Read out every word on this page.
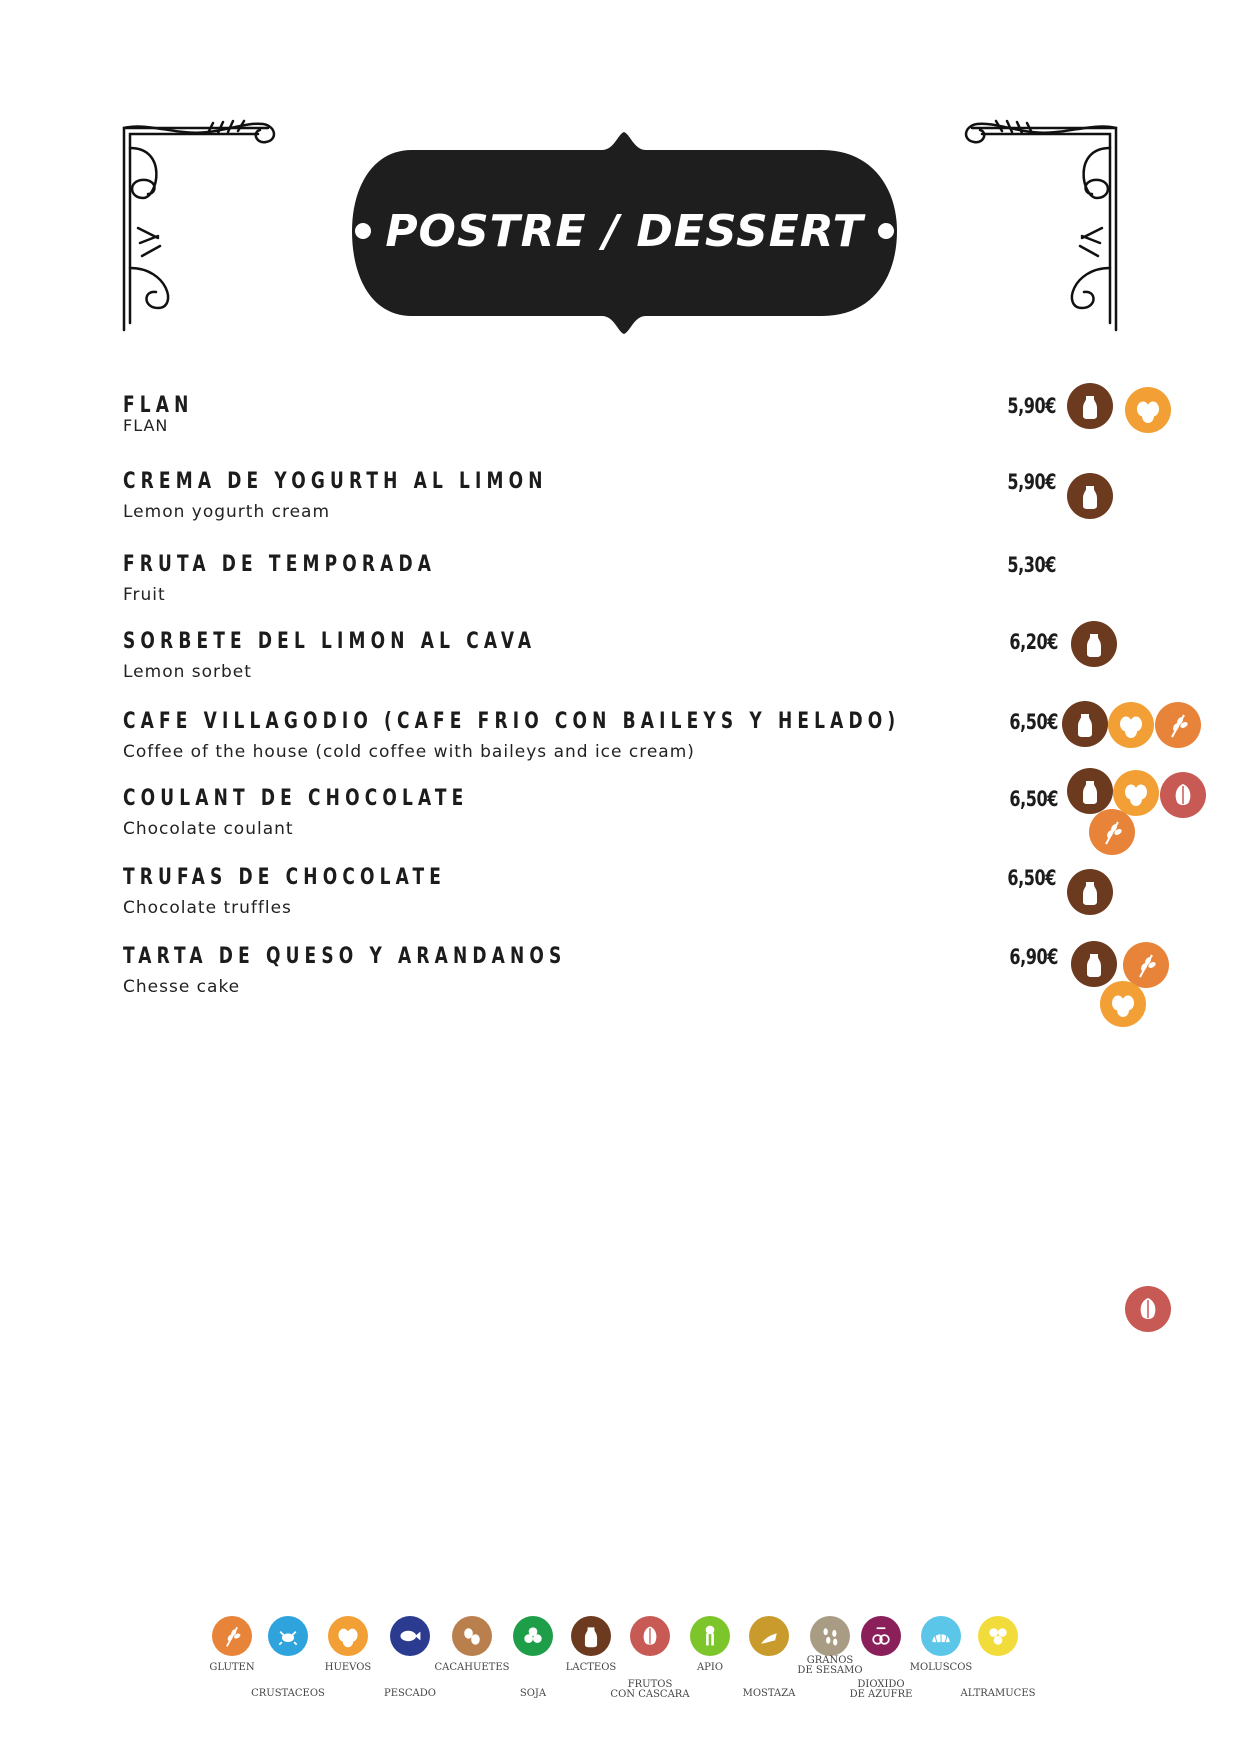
POSTRE / DESSERT
FLAN
FLAN
5,90€
CREMA DE YOGURTH AL LIMON
Lemon yogurth cream
5,90€
FRUTA DE TEMPORADA
Fruit
5,30€
SORBETE DEL LIMON AL CAVA
Lemon sorbet
6,20€
CAFE VILLAGODIO (CAFE FRIO CON BAILEYS Y HELADO)
Coffee of the house (cold coffee with baileys and ice cream)
6,50€
COULANT DE CHOCOLATE
Chocolate coulant
6,50€
TRUFAS DE CHOCOLATE
Chocolate truffles
6,50€
TARTA DE QUESO Y ARANDANOS
Chesse cake
6,90€
GLUTEN
CRUSTACEOS
HUEVOS
PESCADO
CACAHUETES
SOJA
LACTEOS
FRUTOS
CON CASCARA
APIO
MOSTAZA
GRANOS
DE SESAMO
DIOXIDO
DE AZUFRE
MOLUSCOS
ALTRAMUCES
